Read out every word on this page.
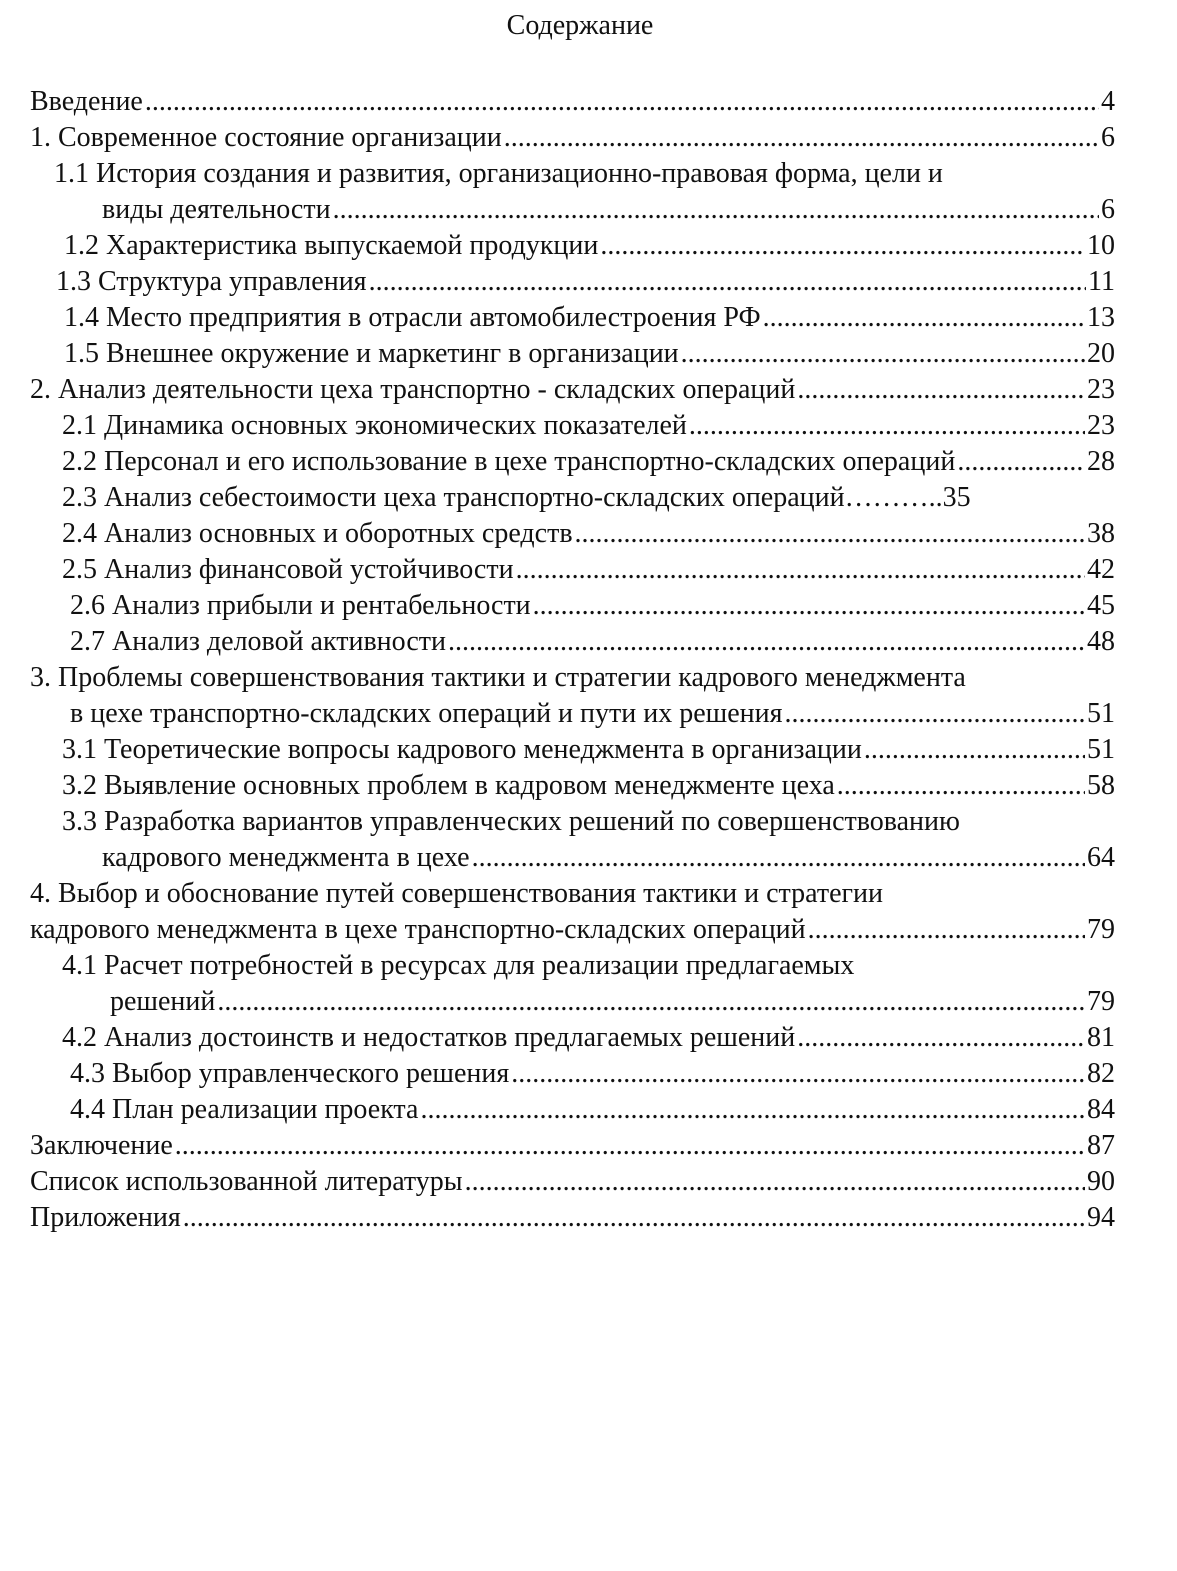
Содержание
Введение .....	4
1. Современное состояние организации .....	6
1.1 История создания и развития, организационно-правовая форма, цели и
виды деятельности .....	6
1.2 Характеристика выпускаемой продукции .....	10
1.3 Структура управления .....	11
1.4 Место предприятия в отрасли автомобилестроения РФ .....	13
1.5 Внешнее окружение и маркетинг в организации .....	20
2. Анализ деятельности цеха транспортно - складских операций .....	23
2.1 Динамика основных экономических показателей .....	23
2.2 Персонал и его использование в цехе транспортно-складских операций .....	28
2.3 Анализ себестоимости цеха транспортно-складских операций………..35
2.4 Анализ основных и оборотных средств .....	38
2.5 Анализ финансовой устойчивости .....	42
2.6 Анализ прибыли и рентабельности .....	45
2.7 Анализ деловой активности .....	48
3. Проблемы совершенствования тактики и стратегии кадрового менеджмента
в цехе транспортно-складских операций и пути их решения .....	51
3.1 Теоретические вопросы кадрового менеджмента в организации .....	51
3.2 Выявление основных проблем в кадровом менеджменте цеха .....	58
3.3 Разработка вариантов управленческих решений по совершенствованию
кадрового менеджмента в цехе .....	64
4. Выбор и обоснование путей совершенствования тактики и стратегии
кадрового менеджмента в цехе транспортно-складских операций .....	79
4.1 Расчет потребностей в ресурсах для реализации предлагаемых
решений .....	79
4.2 Анализ достоинств и недостатков предлагаемых решений .....	81
4.3 Выбор управленческого решения .....	82
4.4 План реализации проекта .....	84
Заключение .....	87
Список использованной литературы .....	90
Приложения .....	94
